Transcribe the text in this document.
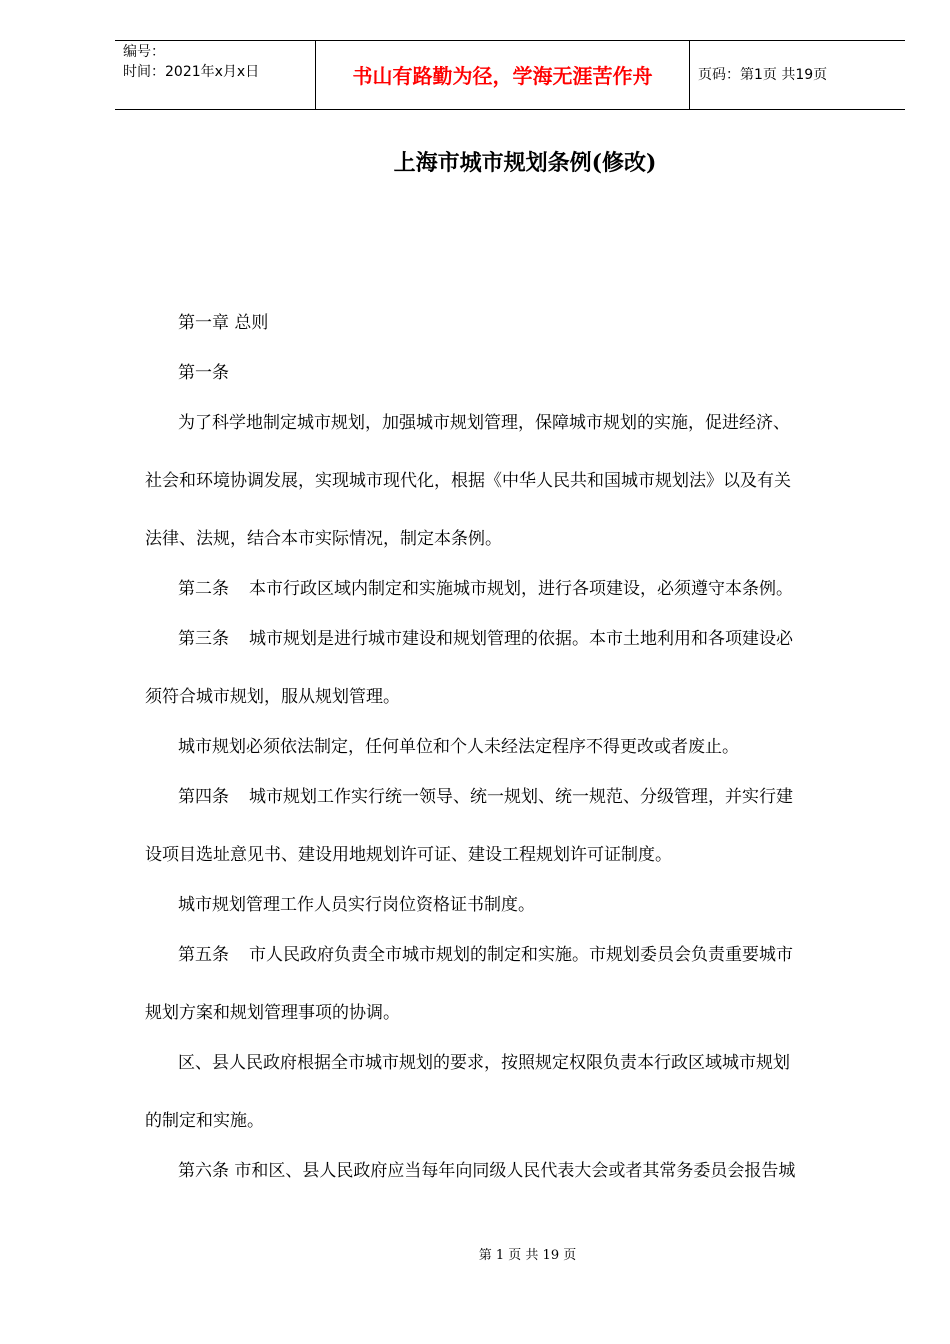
编号：
时间：2021年x月x日	书山有路勤为径，学海无涯苦作舟	页码：第1页 共19页
上海市城市规划条例(修改)
第一章 总则
第一条
为了科学地制定城市规划，加强城市规划管理，保障城市规划的实施，促进经济、
社会和环境协调发展，实现城市现代化，根据《中华人民共和国城市规划法》以及有关
法律、法规，结合本市实际情况，制定本条例。
第二条 本市行政区域内制定和实施城市规划，进行各项建设，必须遵守本条例。
第三条 城市规划是进行城市建设和规划管理的依据。本市土地利用和各项建设必
须符合城市规划，服从规划管理。
城市规划必须依法制定，任何单位和个人未经法定程序不得更改或者废止。
第四条 城市规划工作实行统一领导、统一规划、统一规范、分级管理，并实行建
设项目选址意见书、建设用地规划许可证、建设工程规划许可证制度。
城市规划管理工作人员实行岗位资格证书制度。
第五条 市人民政府负责全市城市规划的制定和实施。市规划委员会负责重要城市
规划方案和规划管理事项的协调。
区、县人民政府根据全市城市规划的要求，按照规定权限负责本行政区域城市规划
的制定和实施。
第六条 市和区、县人民政府应当每年向同级人民代表大会或者其常务委员会报告城
第 1 页 共 19 页
